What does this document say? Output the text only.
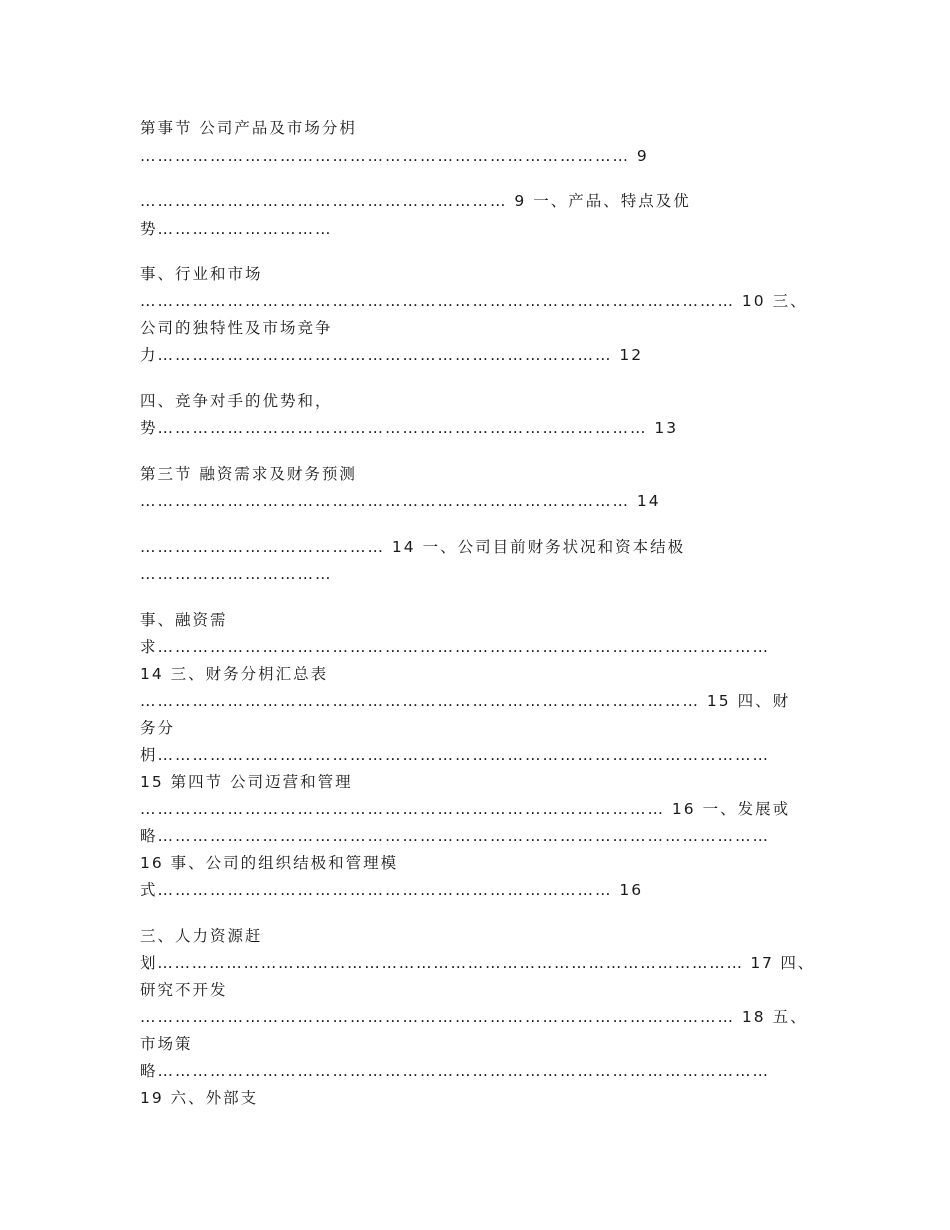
第事节 公司产品及市场分枂
………………………………………………………………………… 9
……………………………………………………… 9 一、产品、特点及优
势…………………………
事、行业和市场
………………………………………………………………………………………… 10 三、
公司的独特性及市场竞争
力…………………………………………………………………… 12
四、竞争对手的优势和，
势………………………………………………………………………… 13
第三节 融资需求及财务预测
………………………………………………………………………… 14
…………………………………… 14 一、公司目前财务状况和资本结极
……………………………
事、融资需
求……………………………………………………………………………………………
14 三、财务分枂汇总表
…………………………………………………………………………………… 15 四、财
务分
枂……………………………………………………………………………………………
15 第四节 公司迈营和管理
……………………………………………………………………………… 16 一、发展戓
略……………………………………………………………………………………………
16 事、公司的组织结极和管理模
式…………………………………………………………………… 16
三、人力资源赶
划………………………………………………………………………………………… 17 四、
研究不开发
………………………………………………………………………………………… 18 五、
市场策
略……………………………………………………………………………………………
19 六、外部支
